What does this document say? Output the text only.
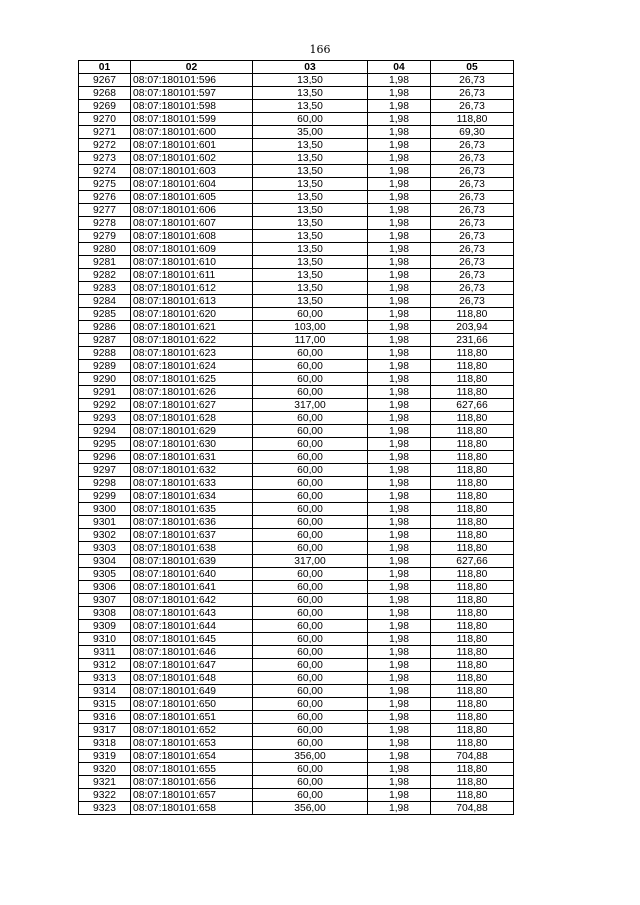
166
01	02	03	04	05
9267	08:07:180101:596	13,50	1,98	26,73
9268	08:07:180101:597	13,50	1,98	26,73
9269	08:07:180101:598	13,50	1,98	26,73
9270	08:07:180101:599	60,00	1,98	118,80
9271	08:07:180101:600	35,00	1,98	69,30
9272	08:07:180101:601	13,50	1,98	26,73
9273	08:07:180101:602	13,50	1,98	26,73
9274	08:07:180101:603	13,50	1,98	26,73
9275	08:07:180101:604	13,50	1,98	26,73
9276	08:07:180101:605	13,50	1,98	26,73
9277	08:07:180101:606	13,50	1,98	26,73
9278	08:07:180101:607	13,50	1,98	26,73
9279	08:07:180101:608	13,50	1,98	26,73
9280	08:07:180101:609	13,50	1,98	26,73
9281	08:07:180101:610	13,50	1,98	26,73
9282	08:07:180101:611	13,50	1,98	26,73
9283	08:07:180101:612	13,50	1,98	26,73
9284	08:07:180101:613	13,50	1,98	26,73
9285	08:07:180101:620	60,00	1,98	118,80
9286	08:07:180101:621	103,00	1,98	203,94
9287	08:07:180101:622	117,00	1,98	231,66
9288	08:07:180101:623	60,00	1,98	118,80
9289	08:07:180101:624	60,00	1,98	118,80
9290	08:07:180101:625	60,00	1,98	118,80
9291	08:07:180101:626	60,00	1,98	118,80
9292	08:07:180101:627	317,00	1,98	627,66
9293	08:07:180101:628	60,00	1,98	118,80
9294	08:07:180101:629	60,00	1,98	118,80
9295	08:07:180101:630	60,00	1,98	118,80
9296	08:07:180101:631	60,00	1,98	118,80
9297	08:07:180101:632	60,00	1,98	118,80
9298	08:07:180101:633	60,00	1,98	118,80
9299	08:07:180101:634	60,00	1,98	118,80
9300	08:07:180101:635	60,00	1,98	118,80
9301	08:07:180101:636	60,00	1,98	118,80
9302	08:07:180101:637	60,00	1,98	118,80
9303	08:07:180101:638	60,00	1,98	118,80
9304	08:07:180101:639	317,00	1,98	627,66
9305	08:07:180101:640	60,00	1,98	118,80
9306	08:07:180101:641	60,00	1,98	118,80
9307	08:07:180101:642	60,00	1,98	118,80
9308	08:07:180101:643	60,00	1,98	118,80
9309	08:07:180101:644	60,00	1,98	118,80
9310	08:07:180101:645	60,00	1,98	118,80
9311	08:07:180101:646	60,00	1,98	118,80
9312	08:07:180101:647	60,00	1,98	118,80
9313	08:07:180101:648	60,00	1,98	118,80
9314	08:07:180101:649	60,00	1,98	118,80
9315	08:07:180101:650	60,00	1,98	118,80
9316	08:07:180101:651	60,00	1,98	118,80
9317	08:07:180101:652	60,00	1,98	118,80
9318	08:07:180101:653	60,00	1,98	118,80
9319	08:07:180101:654	356,00	1,98	704,88
9320	08:07:180101:655	60,00	1,98	118,80
9321	08:07:180101:656	60,00	1,98	118,80
9322	08:07:180101:657	60,00	1,98	118,80
9323	08:07:180101:658	356,00	1,98	704,88
